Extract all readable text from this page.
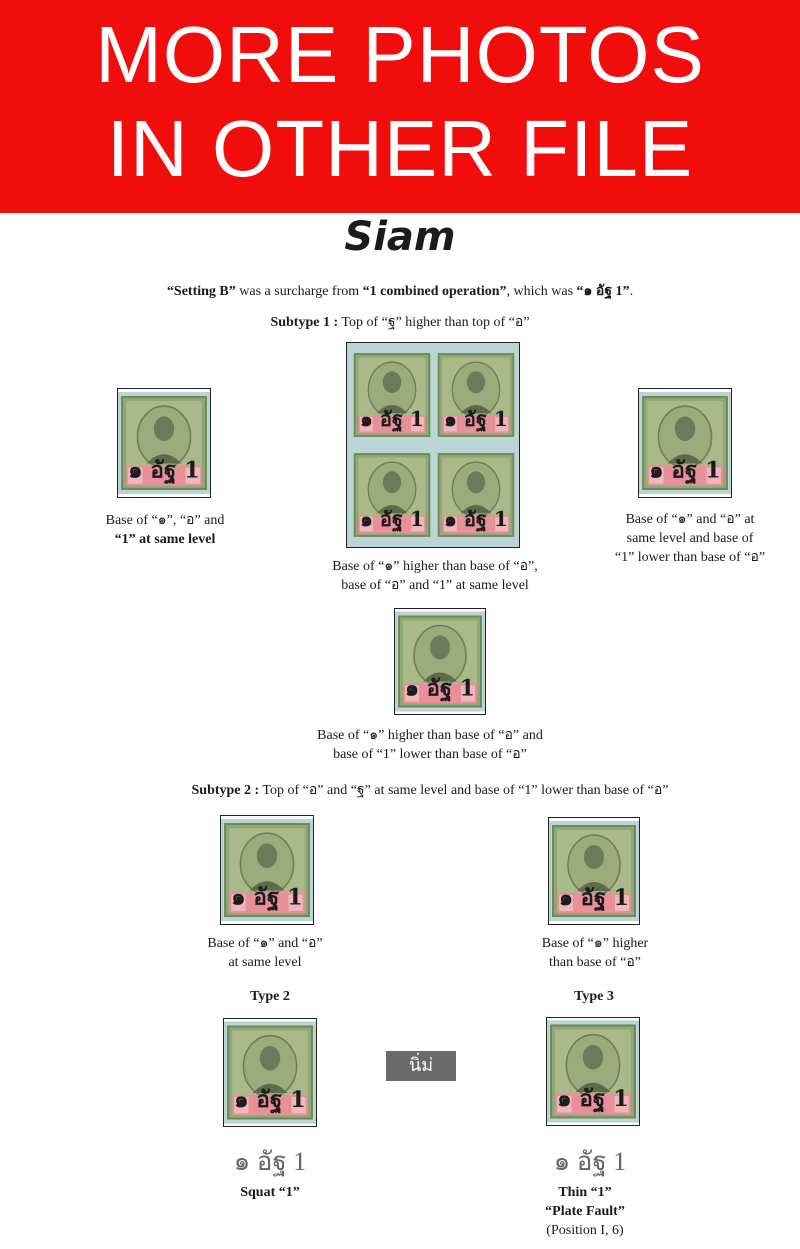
MORE PHOTOS
IN OTHER FILE
Siam
“Setting B” was a surcharge from “1 combined operation”, which was “๑ อัฐ 1”.
Subtype 1 : Top of “ฐ” higher than top of “อ”
Base of “๑”, “อ” and
“1” at same level
Base of “๑” and “อ” at
same level and base of
“1” lower than base of “อ”
Base of “๑” higher than base of “อ”,
base of “อ” and “1” at same level
Base of “๑” higher than base of “อ” and
base of “1” lower than base of “อ”
Subtype 2 : Top of “อ” and “ฐ” at same level and base of “1” lower than base of “อ”
Base of “๑” and “อ”
at same level
Base of “๑” higher
than base of “อ”
Type 2	Type 3
นิ่ม่
๑ อัฐ 1	๑ อัฐ 1
Squat “1”	Thin “1”
“Plate Fault”
(Position I, 6)
